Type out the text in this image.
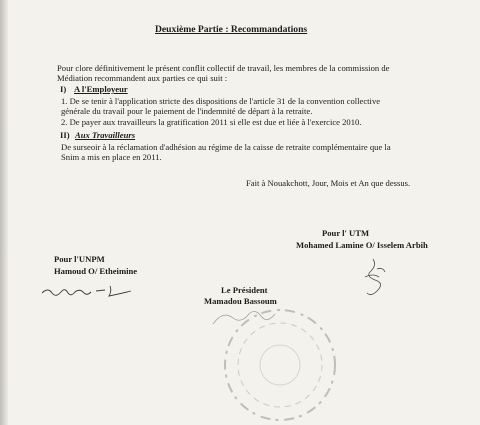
Deuxième Partie : Recommandations
Pour clore définitivement le présent conflit collectif de travail, les membres de la commission de
Médiation recommandent aux parties ce qui suit :
I) A l'Employeur
1. De se tenir à l'application stricte des dispositions de l'article 31 de la convention collective
générale du travail pour le paiement de l'indemnité de départ à la retraite.
2. De payer aux travailleurs la gratification 2011 si elle est due et liée à l'exercice 2010.
II) Aux Travailleurs
De surseoir à la réclamation d'adhésion au régime de la caisse de retraite complémentaire que la
Snim a mis en place en 2011.
Fait à Nouakchott, Jour, Mois et An que dessus.
Pour l' UTM
Mohamed Lamine O/ Isselem Arbih
Pour l'UNPM
Hamoud O/ Etheimine
Le Président
Mamadou Bassoum
